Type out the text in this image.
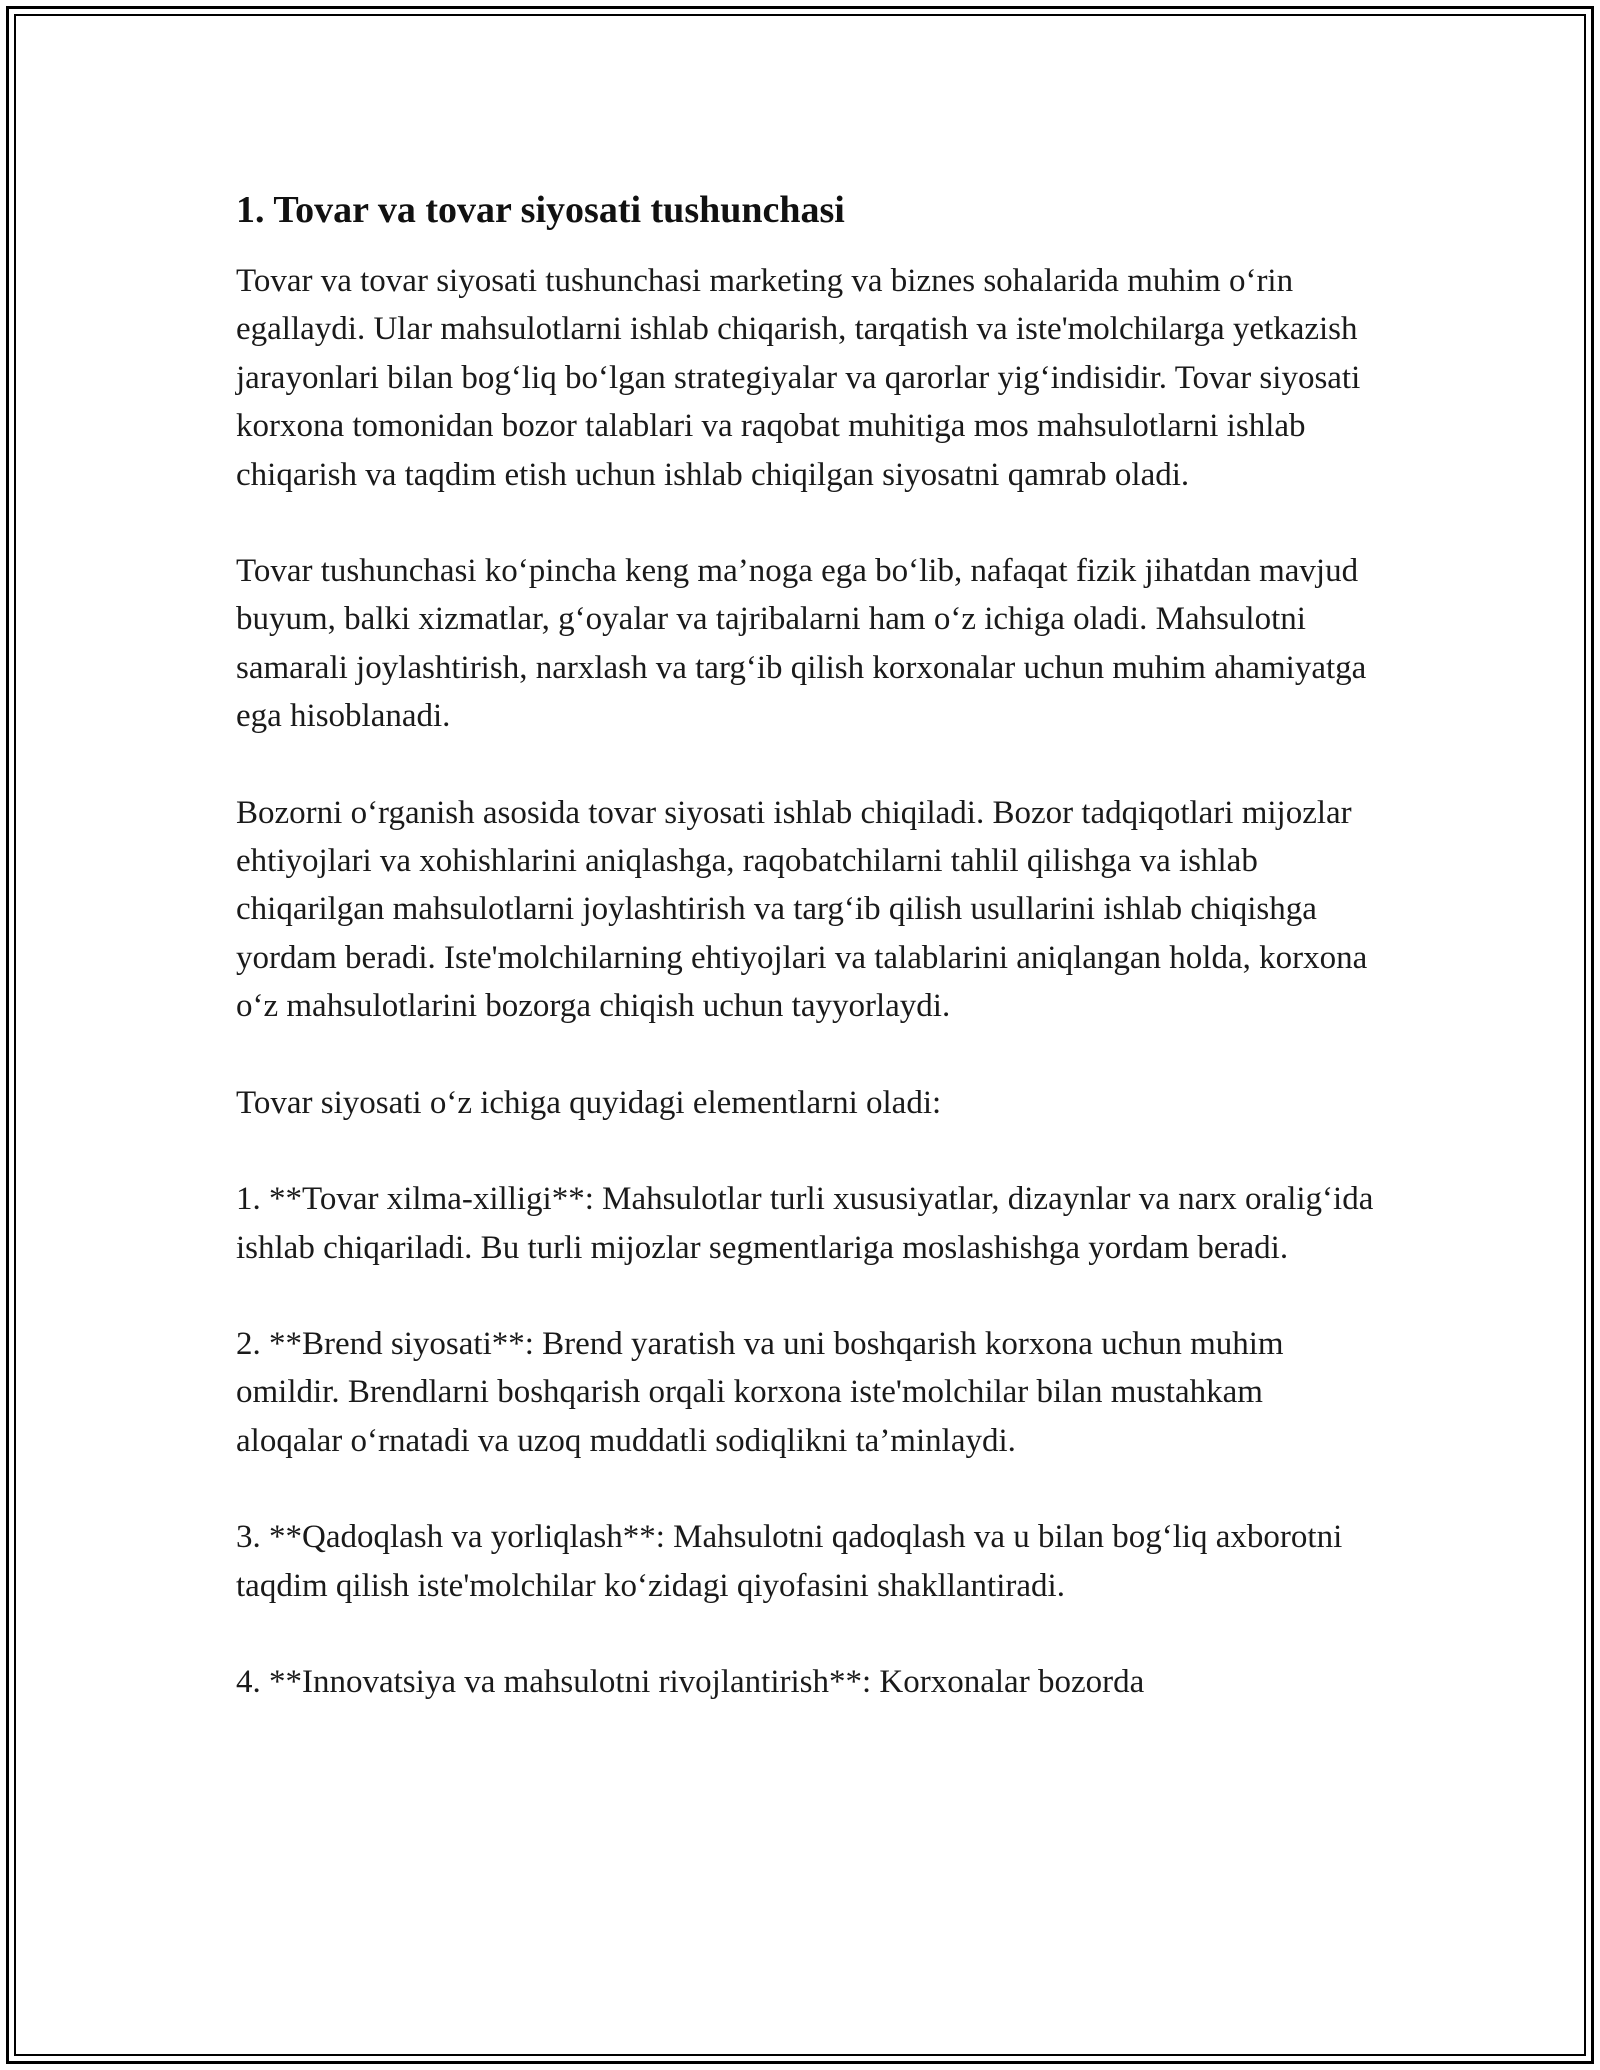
1. Tovar va tovar siyosati tushunchasi

Tovar va tovar siyosati tushunchasi marketing va biznes sohalarida muhim o‘rin egallaydi. Ular mahsulotlarni ishlab chiqarish, tarqatish va iste'molchilarga yetkazish jarayonlari bilan bog‘liq bo‘lgan strategiyalar va qarorlar yig‘indisidir. Tovar siyosati korxona tomonidan bozor talablari va raqobat muhitiga mos mahsulotlarni ishlab chiqarish va taqdim etish uchun ishlab chiqilgan siyosatni qamrab oladi.

Tovar tushunchasi ko‘pincha keng ma’noga ega bo‘lib, nafaqat fizik jihatdan mavjud buyum, balki xizmatlar, g‘oyalar va tajribalarni ham o‘z ichiga oladi. Mahsulotni samarali joylashtirish, narxlash va targ‘ib qilish korxonalar uchun muhim ahamiyatga ega hisoblanadi.

Bozorni o‘rganish asosida tovar siyosati ishlab chiqiladi. Bozor tadqiqotlari mijozlar ehtiyojlari va xohishlarini aniqlashga, raqobatchilarni tahlil qilishga va ishlab chiqarilgan mahsulotlarni joylashtirish va targ‘ib qilish usullarini ishlab chiqishga yordam beradi. Iste'molchilarning ehtiyojlari va talablarini aniqlangan holda, korxona o‘z mahsulotlarini bozorga chiqish uchun tayyorlaydi.

Tovar siyosati o‘z ichiga quyidagi elementlarni oladi:

1. **Tovar xilma-xilligi**: Mahsulotlar turli xususiyatlar, dizaynlar va narx oralig‘ida ishlab chiqariladi. Bu turli mijozlar segmentlariga moslashishga yordam beradi.

2. **Brend siyosati**: Brend yaratish va uni boshqarish korxona uchun muhim omildir. Brendlarni boshqarish orqali korxona iste'molchilar bilan mustahkam aloqalar o‘rnatadi va uzoq muddatli sodiqlikni ta’minlaydi.

3. **Qadoqlash va yorliqlash**: Mahsulotni qadoqlash va u bilan bog‘liq axborotni taqdim qilish iste'molchilar ko‘zidagi qiyofasini shakllantiradi.

4. **Innovatsiya va mahsulotni rivojlantirish**: Korxonalar bozorda
